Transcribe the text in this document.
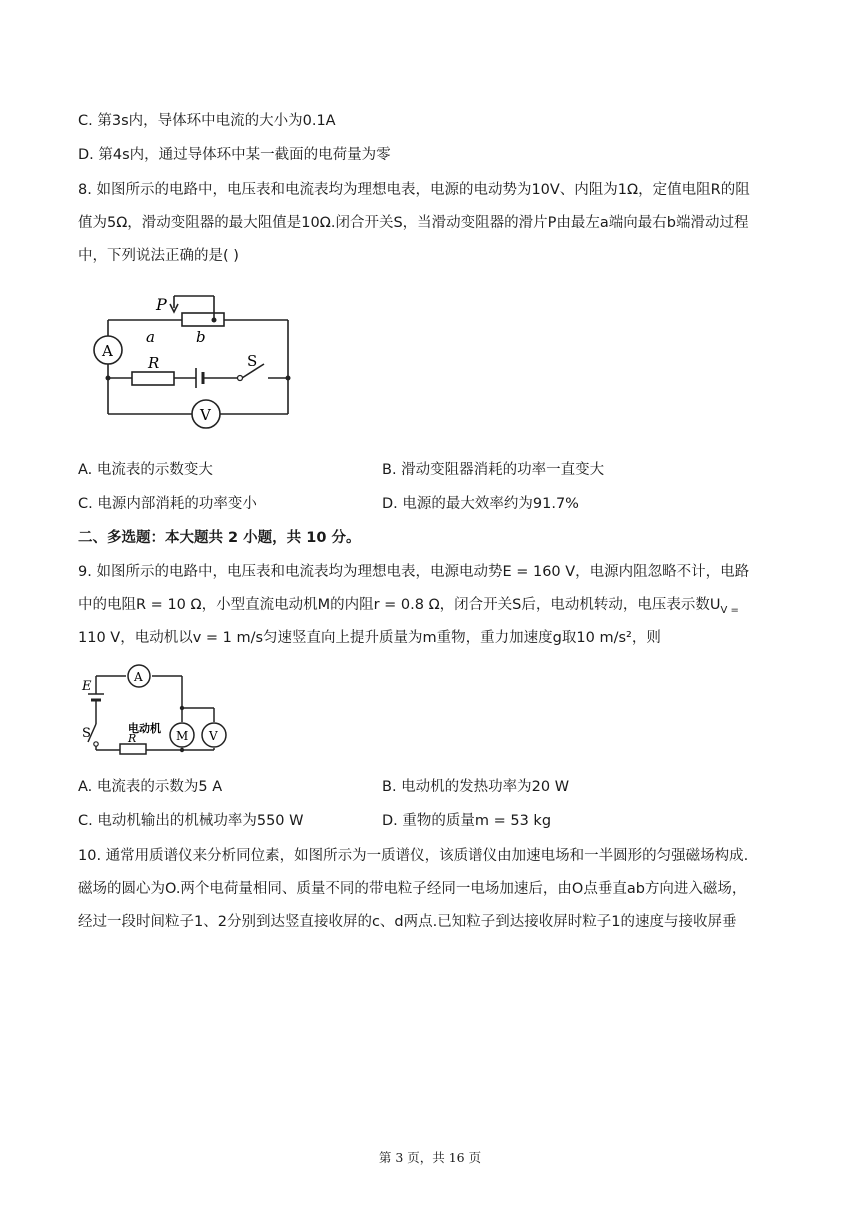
C. 第3s内，导体环中电流的大小为0.1A
D. 第4s内，通过导体环中某一截面的电荷量为零
8. 如图所示的电路中，电压表和电流表均为理想电表，电源的电动势为10V、内阻为1Ω，定值电阻R的阻
值为5Ω，滑动变阻器的最大阻值是10Ω.闭合开关S，当滑动变阻器的滑片P由最左a端向最右b端滑动过程
中，下列说法正确的是( )
P
a	b
A
R	S
V
A. 电流表的示数变大	B. 滑动变阻器消耗的功率一直变大
C. 电源内部消耗的功率变小	D. 电源的最大效率约为91.7%
二、多选题：本大题共 2 小题，共 10 分。
9. 如图所示的电路中，电压表和电流表均为理想电表，电源电动势E = 160 V，电源内阻忽略不计，电路
中的电阻R = 10 Ω，小型直流电动机M的内阻r = 0.8 Ω，闭合开关S后，电动机转动，电压表示数$U_{V =}$
110 V，电动机以v = 1 m/s匀速竖直向上提升质量为m重物，重力加速度g取10 m/s²，则
E
A
电动机
M V
S	R
A. 电流表的示数为5 A	B. 电动机的发热功率为20 W
C. 电动机输出的机械功率为550 W	D. 重物的质量m = 53 kg
10. 通常用质谱仪来分析同位素，如图所示为一质谱仪，该质谱仪由加速电场和一半圆形的匀强磁场构成.
磁场的圆心为O.两个电荷量相同、质量不同的带电粒子经同一电场加速后，由O点垂直ab方向进入磁场，
经过一段时间粒子1、2分别到达竖直接收屏的c、d两点.已知粒子到达接收屏时粒子1的速度与接收屏垂
第 3 页，共 16 页
